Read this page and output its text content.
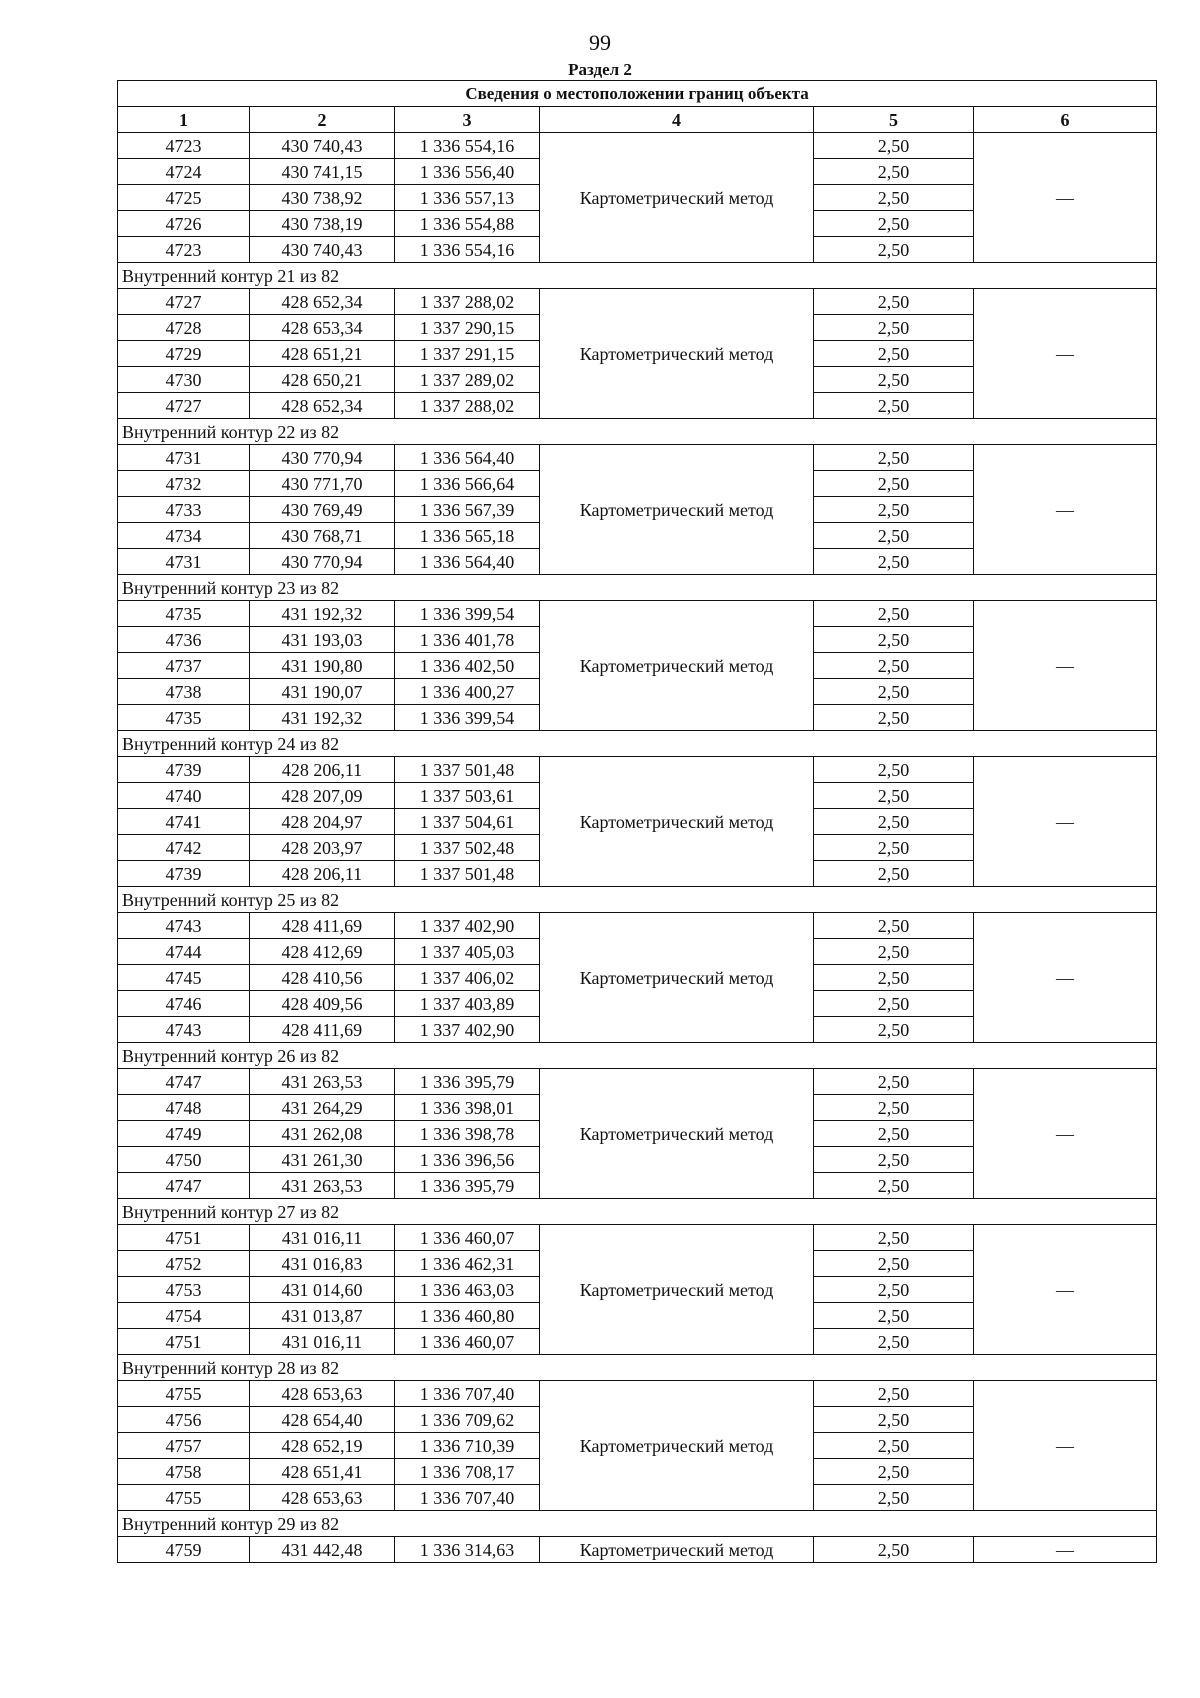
99
Раздел 2
Сведения о местоположении границ объекта					
1	2	3	4	5	6
4723	430 740,43	1 336 554,16	Картометрический метод	2,50	—
4724	430 741,15	1 336 556,40		2,50	
4725	430 738,92	1 336 557,13		2,50	
4726	430 738,19	1 336 554,88		2,50	
4723	430 740,43	1 336 554,16		2,50	
Внутренний контур 21 из 82					
4727	428 652,34	1 337 288,02	Картометрический метод	2,50	—
4728	428 653,34	1 337 290,15		2,50	
4729	428 651,21	1 337 291,15		2,50	
4730	428 650,21	1 337 289,02		2,50	
4727	428 652,34	1 337 288,02		2,50	
Внутренний контур 22 из 82					
4731	430 770,94	1 336 564,40	Картометрический метод	2,50	—
4732	430 771,70	1 336 566,64		2,50	
4733	430 769,49	1 336 567,39		2,50	
4734	430 768,71	1 336 565,18		2,50	
4731	430 770,94	1 336 564,40		2,50	
Внутренний контур 23 из 82					
4735	431 192,32	1 336 399,54	Картометрический метод	2,50	—
4736	431 193,03	1 336 401,78		2,50	
4737	431 190,80	1 336 402,50		2,50	
4738	431 190,07	1 336 400,27		2,50	
4735	431 192,32	1 336 399,54		2,50	
Внутренний контур 24 из 82					
4739	428 206,11	1 337 501,48	Картометрический метод	2,50	—
4740	428 207,09	1 337 503,61		2,50	
4741	428 204,97	1 337 504,61		2,50	
4742	428 203,97	1 337 502,48		2,50	
4739	428 206,11	1 337 501,48		2,50	
Внутренний контур 25 из 82					
4743	428 411,69	1 337 402,90	Картометрический метод	2,50	—
4744	428 412,69	1 337 405,03		2,50	
4745	428 410,56	1 337 406,02		2,50	
4746	428 409,56	1 337 403,89		2,50	
4743	428 411,69	1 337 402,90		2,50	
Внутренний контур 26 из 82					
4747	431 263,53	1 336 395,79	Картометрический метод	2,50	—
4748	431 264,29	1 336 398,01		2,50	
4749	431 262,08	1 336 398,78		2,50	
4750	431 261,30	1 336 396,56		2,50	
4747	431 263,53	1 336 395,79		2,50	
Внутренний контур 27 из 82					
4751	431 016,11	1 336 460,07	Картометрический метод	2,50	—
4752	431 016,83	1 336 462,31		2,50	
4753	431 014,60	1 336 463,03		2,50	
4754	431 013,87	1 336 460,80		2,50	
4751	431 016,11	1 336 460,07		2,50	
Внутренний контур 28 из 82					
4755	428 653,63	1 336 707,40	Картометрический метод	2,50	—
4756	428 654,40	1 336 709,62		2,50	
4757	428 652,19	1 336 710,39		2,50	
4758	428 651,41	1 336 708,17		2,50	
4755	428 653,63	1 336 707,40		2,50	
Внутренний контур 29 из 82					
4759	431 442,48	1 336 314,63	Картометрический метод	2,50	—
